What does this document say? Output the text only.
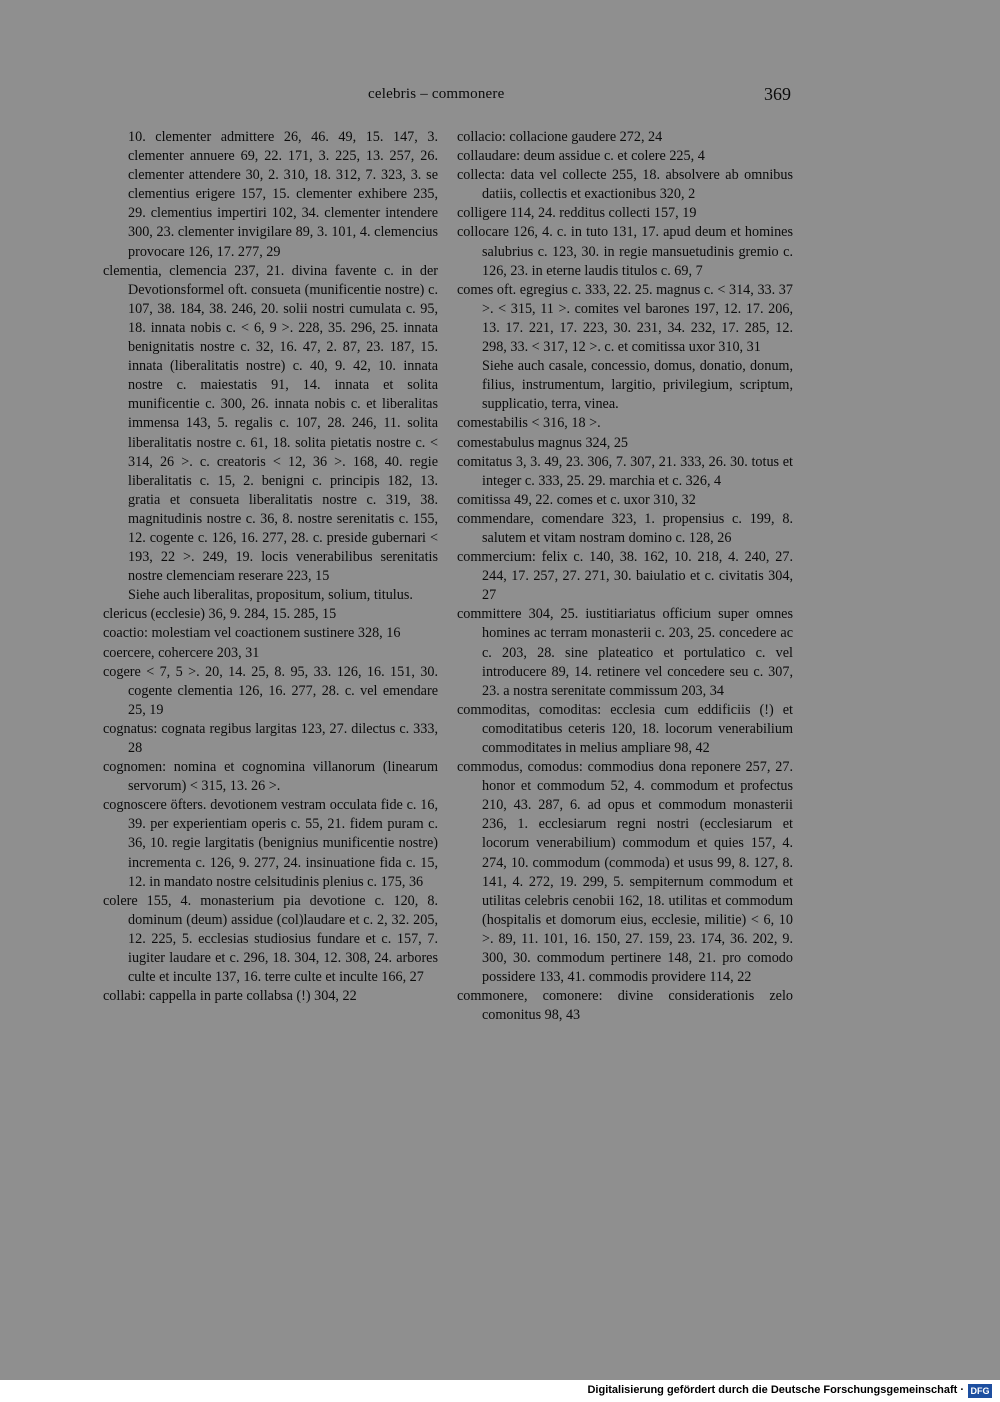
celebris – commonere	369

10. clementer admittere 26, 46. 49, 15. 147, 3. clementer annuere 69, 22. 171, 3. 225, 13. 257, 26. clementer attendere 30, 2. 310, 18. 312, 7. 323, 3. se clementius erigere 157, 15. clementer exhibere 235, 29. clementius impertiri 102, 34. clementer intendere 300, 23. clementer invigilare 89, 3. 101, 4. clemencius provocare 126, 17. 277, 29

clementia, clemencia 237, 21. divina favente c. in der Devotionsformel oft. consueta (munificentie nostre) c. 107, 38. 184, 38. 246, 20. solii nostri cumulata c. 95, 18. innata nobis c. < 6, 9 >. 228, 35. 296, 25. innata benignitatis nostre c. 32, 16. 47, 2. 87, 23. 187, 15. innata (liberalitatis nostre) c. 40, 9. 42, 10. innata nostre c. maiestatis 91, 14. innata et solita munificentie c. 300, 26. innata nobis c. et liberalitas immensa 143, 5. regalis c. 107, 28. 246, 11. solita liberalitatis nostre c. 61, 18. solita pietatis nostre c. < 314, 26 >. c. creatoris < 12, 36 >. 168, 40. regie liberalitatis c. 15, 2. benigni c. principis 182, 13. gratia et consueta liberalitatis nostre c. 319, 38. magnitudinis nostre c. 36, 8. nostre serenitatis c. 155, 12. cogente c. 126, 16. 277, 28. c. preside gubernari < 193, 22 >. 249, 19. locis venerabilibus serenitatis nostre clemenciam reserare 223, 15

Siehe auch liberalitas, propositum, solium, titulus.

clericus (ecclesie) 36, 9. 284, 15. 285, 15

coactio: molestiam vel coactionem sustinere 328, 16

coercere, cohercere 203, 31

cogere < 7, 5 >. 20, 14. 25, 8. 95, 33. 126, 16. 151, 30. cogente clementia 126, 16. 277, 28. c. vel emendare 25, 19

cognatus: cognata regibus largitas 123, 27. dilectus c. 333, 28

cognomen: nomina et cognomina villanorum (linearum servorum) < 315, 13. 26 >.

cognoscere öfters. devotionem vestram occulata fide c. 16, 39. per experientiam operis c. 55, 21. fidem puram c. 36, 10. regie largitatis (benignius munificentie nostre) incrementa c. 126, 9. 277, 24. insinuatione fida c. 15, 12. in mandato nostre celsitudinis plenius c. 175, 36

colere 155, 4. monasterium pia devotione c. 120, 8. dominum (deum) assidue (col)laudare et c. 2, 32. 205, 12. 225, 5. ecclesias studiosius fundare et c. 157, 7. iugiter laudare et c. 296, 18. 304, 12. 308, 24. arbores culte et inculte 137, 16. terre culte et inculte 166, 27

collabi: cappella in parte collabsa (!) 304, 22

collacio: collacione gaudere 272, 24

collaudare: deum assidue c. et colere 225, 4

collecta: data vel collecte 255, 18. absolvere ab omnibus datiis, collectis et exactionibus 320, 2

colligere 114, 24. redditus collecti 157, 19

collocare 126, 4. c. in tuto 131, 17. apud deum et homines salubrius c. 123, 30. in regie mansuetudinis gremio c. 126, 23. in eterne laudis titulos c. 69, 7

comes oft. egregius c. 333, 22. 25. magnus c. < 314, 33. 37 >. < 315, 11 >. comites vel barones 197, 12. 17. 206, 13. 17. 221, 17. 223, 30. 231, 34. 232, 17. 285, 12. 298, 33. < 317, 12 >. c. et comitissa uxor 310, 31

Siehe auch casale, concessio, domus, donatio, donum, filius, instrumentum, largitio, privilegium, scriptum, supplicatio, terra, vinea.

comestabilis < 316, 18 >.

comestabulus magnus 324, 25

comitatus 3, 3. 49, 23. 306, 7. 307, 21. 333, 26. 30. totus et integer c. 333, 25. 29. marchia et c. 326, 4

comitissa 49, 22. comes et c. uxor 310, 32

commendare, comendare 323, 1. propensius c. 199, 8. salutem et vitam nostram domino c. 128, 26

commercium: felix c. 140, 38. 162, 10. 218, 4. 240, 27. 244, 17. 257, 27. 271, 30. baiulatio et c. civitatis 304, 27

committere 304, 25. iustitiariatus officium super omnes homines ac terram monasterii c. 203, 25. concedere ac c. 203, 28. sine plateatico et portulatico c. vel introducere 89, 14. retinere vel concedere seu c. 307, 23. a nostra serenitate commissum 203, 34

commoditas, comoditas: ecclesia cum eddificiis (!) et comoditatibus ceteris 120, 18. locorum venerabilium commoditates in melius ampliare 98, 42

commodus, comodus: commodius dona reponere 257, 27. honor et commodum 52, 4. commodum et profectus 210, 43. 287, 6. ad opus et commodum monasterii 236, 1. ecclesiarum regni nostri (ecclesiarum et locorum venerabilium) commodum et quies 157, 4. 274, 10. commodum (commoda) et usus 99, 8. 127, 8. 141, 4. 272, 19. 299, 5. sempiternum commodum et utilitas celebris cenobii 162, 18. utilitas et commodum (hospitalis et domorum eius, ecclesie, militie) < 6, 10 >. 89, 11. 101, 16. 150, 27. 159, 23. 174, 36. 202, 9. 300, 30. commodum pertinere 148, 21. pro comodo possidere 133, 41. commodis providere 114, 22

commonere, comonere: divine considerationis zelo comonitus 98, 43

Digitalisierung gefördert durch die Deutsche Forschungsgemeinschaft · DFG
